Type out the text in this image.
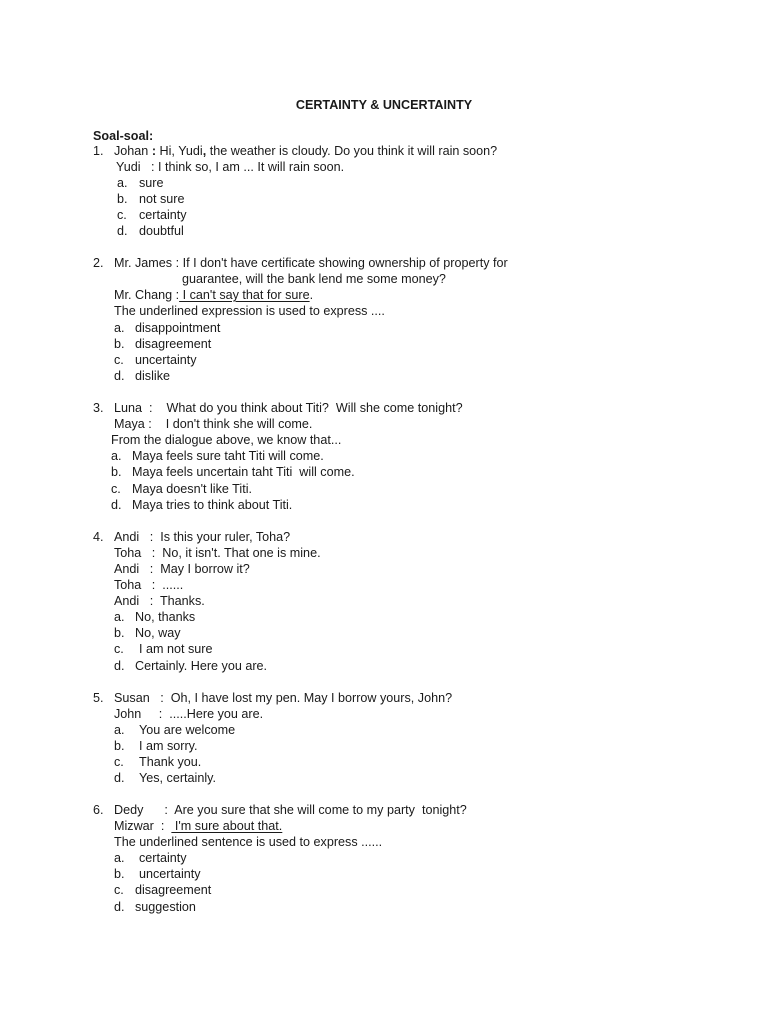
CERTAINTY & UNCERTAINTY
Soal-soal:
1. Johan : Hi, Yudi, the weather is cloudy. Do you think it will rain soon?
Yudi   : I think so, I am ... It will rain soon.
a. sure
b. not sure
c. certainty
d. doubtful
2. Mr. James : If I don't have certificate showing ownership of property for
guarantee, will the bank lend me some money?
Mr. Chang : I can't say that for sure.
The underlined expression is used to express ....
a. disappointment
b. disagreement
c. uncertainty
d. dislike
3. Luna  :    What do you think about Titi?  Will she come tonight?
Maya :    I don't think she will come.
From the dialogue above, we know that...
a. Maya feels sure taht Titi will come.
b. Maya feels uncertain taht Titi  will come.
c. Maya doesn't like Titi.
d. Maya tries to think about Titi.
4. Andi   :  Is this your ruler, Toha?
Toha   :  No, it isn't. That one is mine.
Andi   :  May I borrow it?
Toha   :  ......
Andi   :  Thanks.
a. No, thanks
b. No, way
c. I am not sure
d. Certainly. Here you are.
5. Susan   :  Oh, I have lost my pen. May I borrow yours, John?
John     :  .....Here you are.
a. You are welcome
b. I am sorry.
c. Thank you.
d. Yes, certainly.
6. Dedy      :  Are you sure that she will come to my party  tonight?
Mizwar  :   I'm sure about that.
The underlined sentence is used to express ......
a. certainty
b. uncertainty
c. disagreement
d. suggestion
